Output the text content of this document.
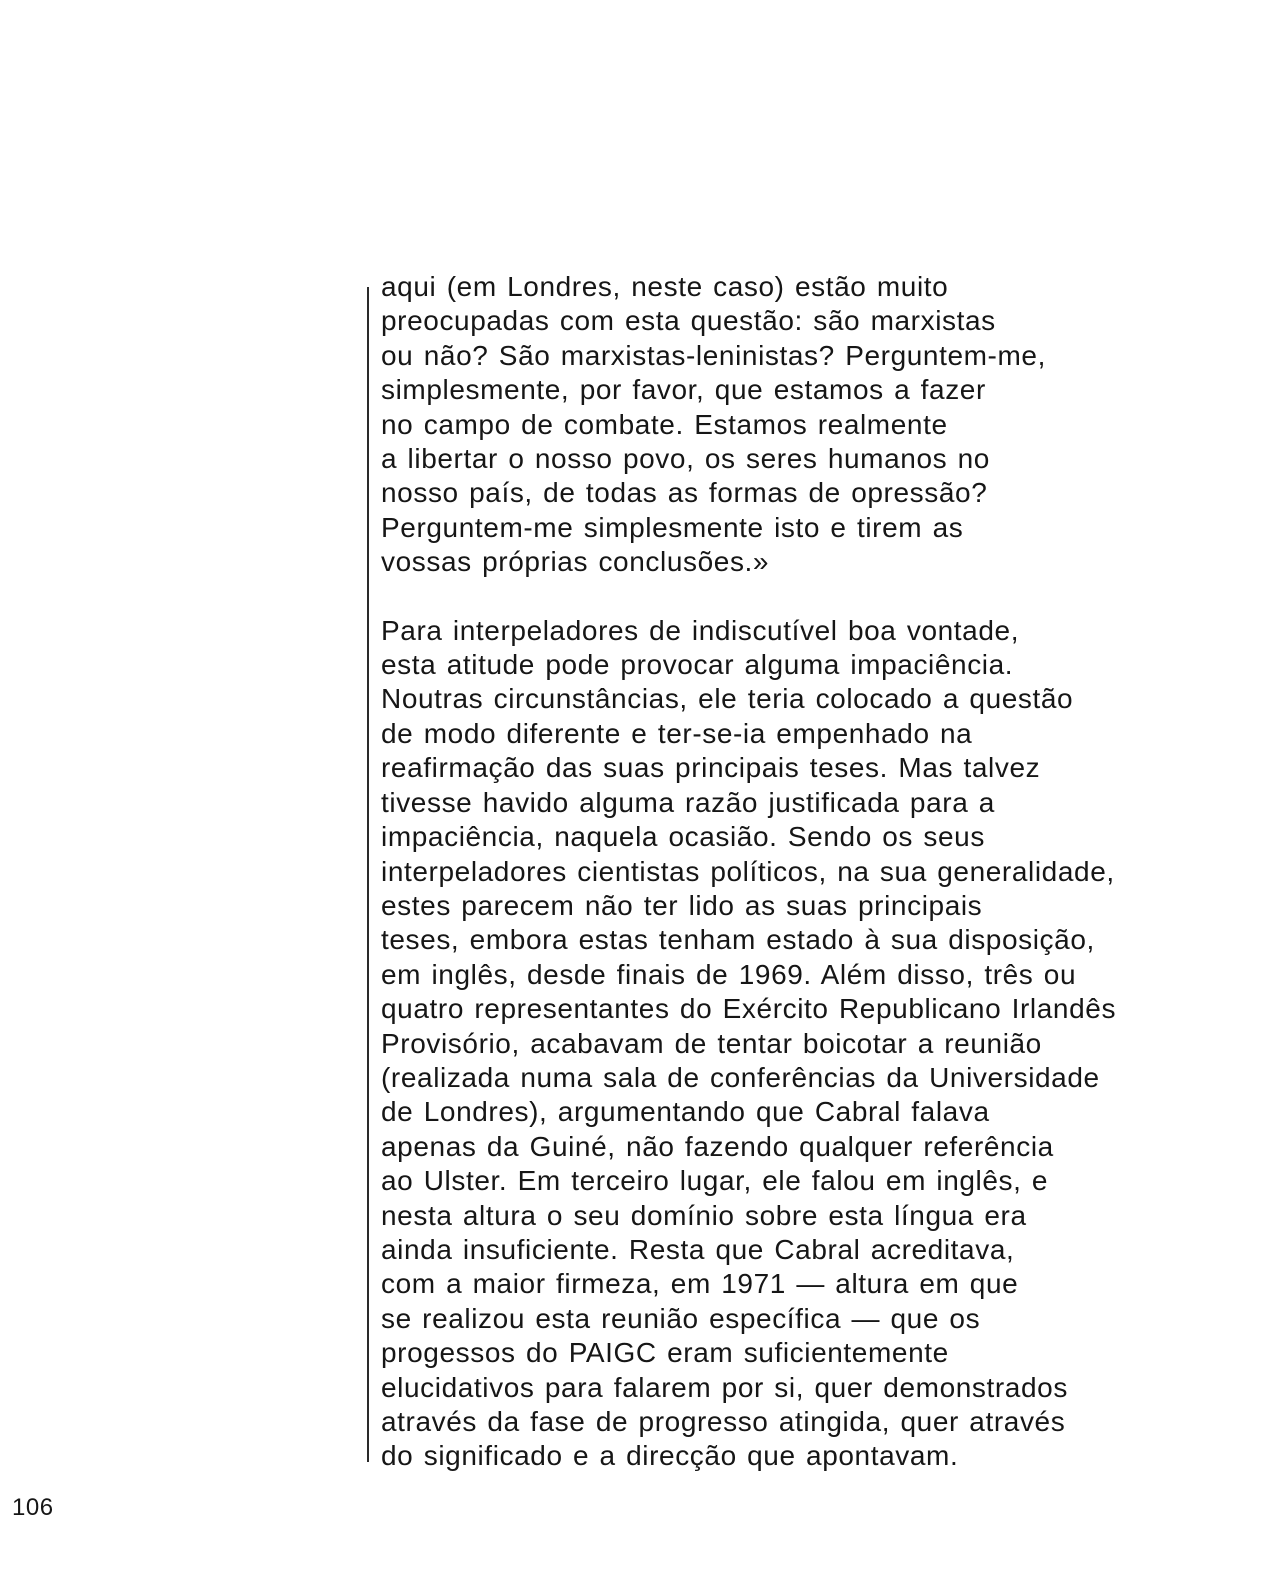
aqui (em Londres, neste caso) estão muito
preocupadas com esta questão: são marxistas
ou não? São marxistas-leninistas? Perguntem-me,
simplesmente, por favor, que estamos a fazer
no campo de combate. Estamos realmente
a libertar o nosso povo, os seres humanos no
nosso país, de todas as formas de opressão?
Perguntem-me simplesmente isto e tirem as
vossas próprias conclusões.»
Para interpeladores de indiscutível boa vontade,
esta atitude pode provocar alguma impaciência.
Noutras circunstâncias, ele teria colocado a questão
de modo diferente e ter-se-ia empenhado na
reafirmação das suas principais teses. Mas talvez
tivesse havido alguma razão justificada para a
impaciência, naquela ocasião. Sendo os seus
interpeladores cientistas políticos, na sua generalidade,
estes parecem não ter lido as suas principais
teses, embora estas tenham estado à sua disposição,
em inglês, desde finais de 1969. Além disso, três ou
quatro representantes do Exército Republicano Irlandês
Provisório, acabavam de tentar boicotar a reunião
(realizada numa sala de conferências da Universidade
de Londres), argumentando que Cabral falava
apenas da Guiné, não fazendo qualquer referência
ao Ulster. Em terceiro lugar, ele falou em inglês, e
nesta altura o seu domínio sobre esta língua era
ainda insuficiente. Resta que Cabral acreditava,
com a maior firmeza, em 1971 — altura em que
se realizou esta reunião específica — que os
progessos do PAIGC eram suficientemente
elucidativos para falarem por si, quer demonstrados
através da fase de progresso atingida, quer através
do significado e a direcção que apontavam.
106
